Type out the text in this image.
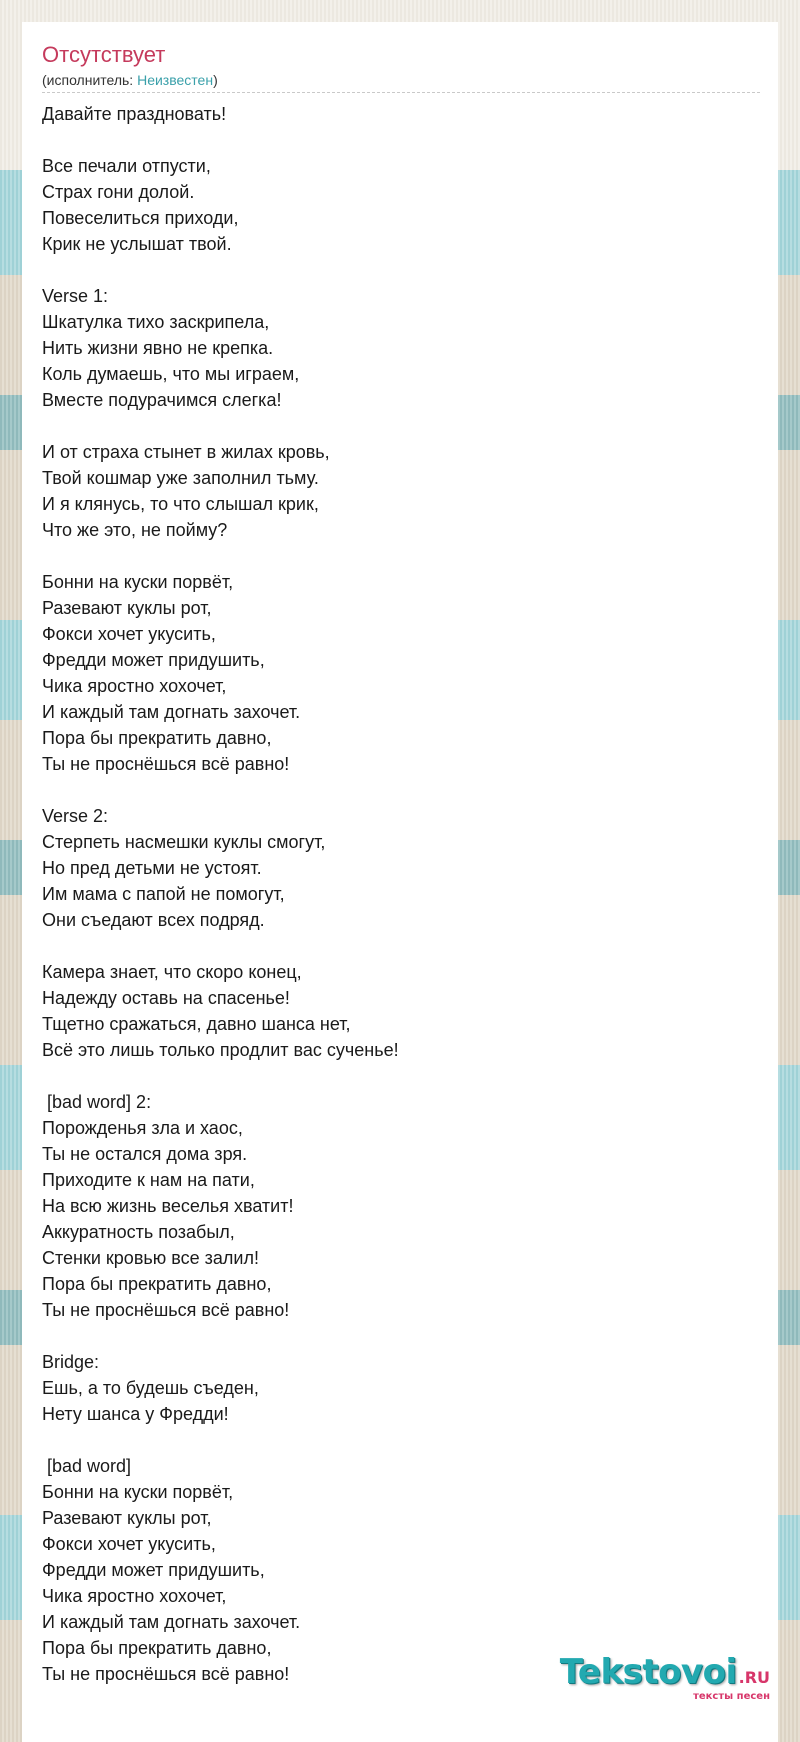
Отсутствует
(исполнитель: Неизвестен)
Давайте праздновать!
Все печали отпусти,
Страх гони долой.
Повеселиться приходи,
Крик не услышат твой.
Verse 1:
Шкатулка тихо заскрипела,
Нить жизни явно не крепка.
Коль думаешь, что мы играем,
Вместе подурачимся слегка!
И от страха стынет в жилах кровь,
Твой кошмар уже заполнил тьму.
И я клянусь, то что слышал крик,
Что же это, не пойму?
Бонни на куски порвёт,
Разевают куклы рот,
Фокси хочет укусить,
Фредди может придушить,
Чика яростно хохочет,
И каждый там догнать захочет.
Пора бы прекратить давно,
Ты не проснёшься всё равно!
Verse 2:
Стерпеть насмешки куклы смогут,
Но пред детьми не устоят.
Им мама с папой не помогут,
Они съедают всех подряд.
Камера знает, что скоро конец,
Надежду оставь на спасенье!
Тщетно сражаться, давно шанса нет,
Всё это лишь только продлит вас сученье!
[bad word] 2:
Порожденья зла и хаос,
Ты не остался дома зря.
Приходите к нам на пати,
На всю жизнь веселья хватит!
Аккуратность позабыл,
Стенки кровью все залил!
Пора бы прекратить давно,
Ты не проснёшься всё равно!
Bridge:
Ешь, а то будешь съеден,
Нету шанса у Фредди!
[bad word]
Бонни на куски порвёт,
Разевают куклы рот,
Фокси хочет укусить,
Фредди может придушить,
Чика яростно хохочет,
И каждый там догнать захочет.
Пора бы прекратить давно,
Ты не проснёшься всё равно!	Tekstovoi .RU
тексты песен
